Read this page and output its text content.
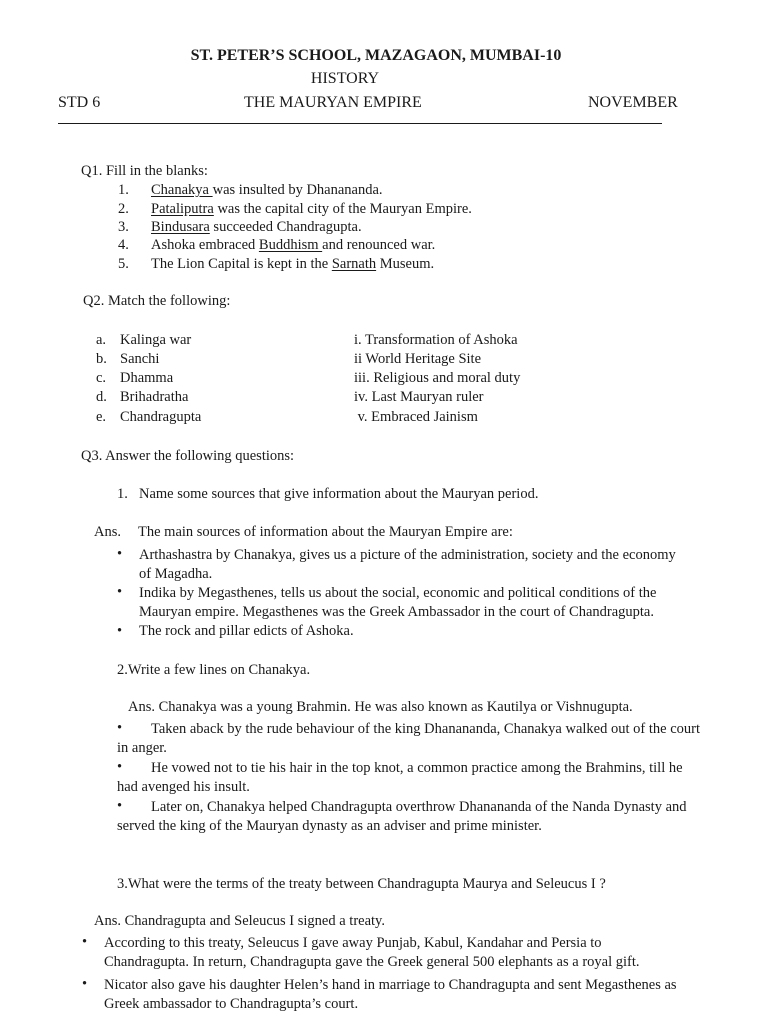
ST. PETER’S SCHOOL, MAZAGAON, MUMBAI-10
HISTORY
STD 6	THE MAURYAN EMPIRE	NOVEMBER
Q1. Fill in the blanks:
1. Chanakya was insulted by Dhanananda.
2. Pataliputra was the capital city of the Mauryan Empire.
3. Bindusara succeeded Chandragupta.
4. Ashoka embraced Buddhism and renounced war.
5. The Lion Capital is kept in the Sarnath Museum.
Q2. Match the following:
a. Kalinga war	i. Transformation of Ashoka
b. Sanchi	ii World Heritage Site
c. Dhamma	iii. Religious and moral duty
d. Brihadratha	iv. Last Mauryan ruler
e. Chandragupta	v. Embraced Jainism
Q3. Answer the following questions:
1. Name some sources that give information about the Mauryan period.
Ans. The main sources of information about the Mauryan Empire are:
• Arthashastra by Chanakya, gives us a picture of the administration, society and the economy of Magadha.
• Indika by Megasthenes, tells us about the social, economic and political conditions of the Mauryan empire. Megasthenes was the Greek Ambassador in the court of Chandragupta.
• The rock and pillar edicts of Ashoka.
2.Write a few lines on Chanakya.
Ans. Chanakya was a young Brahmin. He was also known as Kautilya or Vishnugupta.
•	Taken aback by the rude behaviour of the king Dhanananda, Chanakya walked out of the court in anger.
•	He vowed not to tie his hair in the top knot, a common practice among the Brahmins, till he had avenged his insult.
•	Later on, Chanakya helped Chandragupta overthrow Dhanananda of the Nanda Dynasty and served the king of the Mauryan dynasty as an adviser and prime minister.
3.What were the terms of the treaty between Chandragupta Maurya and Seleucus I ?
Ans. Chandragupta and Seleucus I signed a treaty.
• According to this treaty, Seleucus I gave away Punjab, Kabul, Kandahar and Persia to Chandragupta. In return, Chandragupta gave the Greek general 500 elephants as a royal gift.
• Nicator also gave his daughter Helen’s hand in marriage to Chandragupta and sent Megasthenes as Greek ambassador to Chandragupta’s court.
